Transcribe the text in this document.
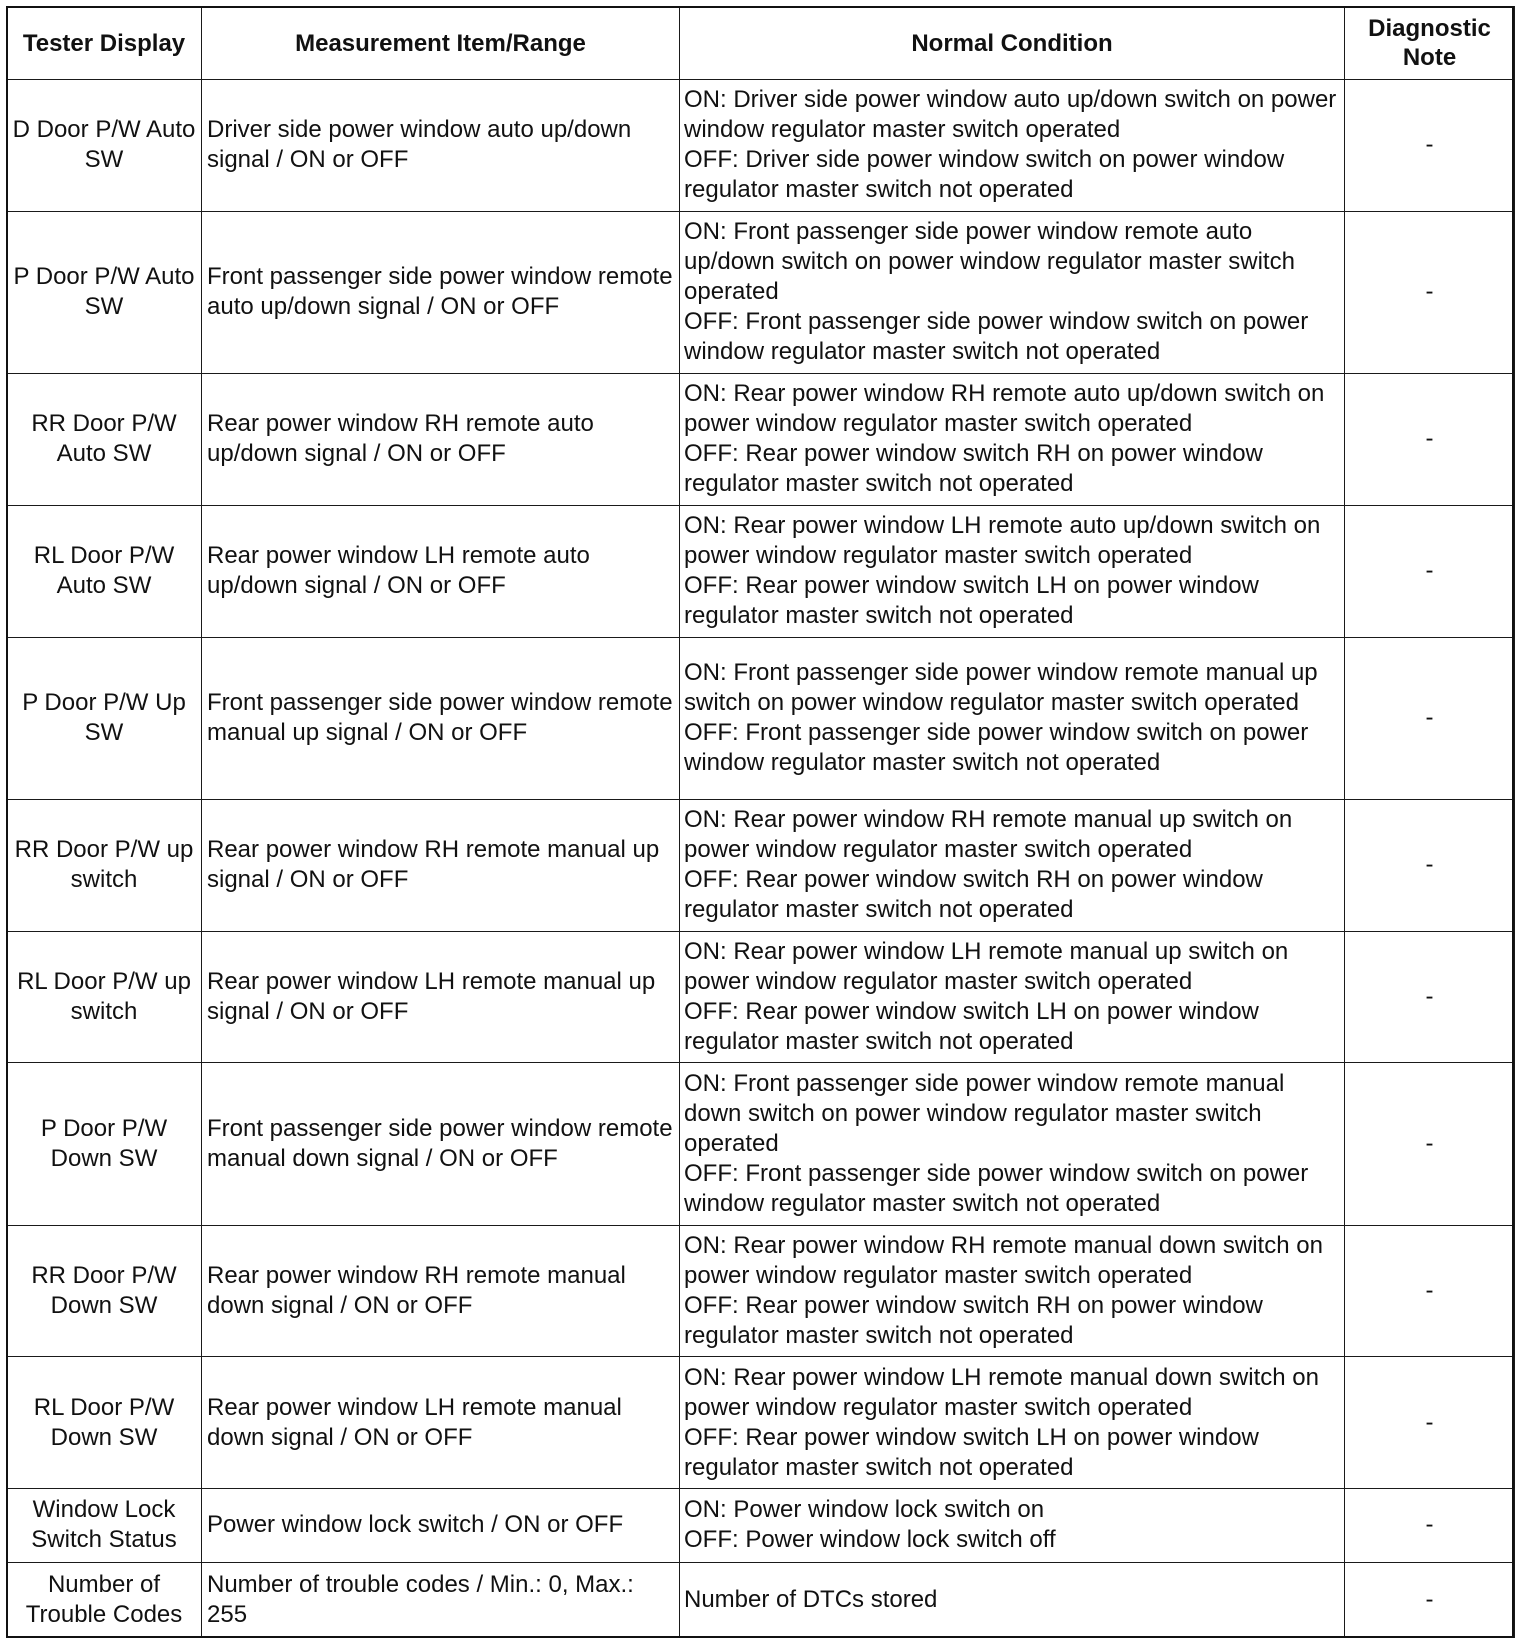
Tester Display	Measurement Item/Range	Normal Condition	Diagnostic Note
D Door P/W Auto SW	Driver side power window auto up/down signal / ON or OFF	ON: Driver side power window auto up/down switch on power window regulator master switch operated
OFF: Driver side power window switch on power window regulator master switch not operated	-
P Door P/W Auto SW	Front passenger side power window remote auto up/down signal / ON or OFF	ON: Front passenger side power window remote auto up/down switch on power window regulator master switch operated
OFF: Front passenger side power window switch on power window regulator master switch not operated	-
RR Door P/W Auto SW	Rear power window RH remote auto up/down signal / ON or OFF	ON: Rear power window RH remote auto up/down switch on power window regulator master switch operated
OFF: Rear power window switch RH on power window regulator master switch not operated	-
RL Door P/W Auto SW	Rear power window LH remote auto up/down signal / ON or OFF	ON: Rear power window LH remote auto up/down switch on power window regulator master switch operated
OFF: Rear power window switch LH on power window regulator master switch not operated	-
P Door P/W Up SW	Front passenger side power window remote manual up signal / ON or OFF	ON: Front passenger side power window remote manual up switch on power window regulator master switch operated
OFF: Front passenger side power window switch on power window regulator master switch not operated	-
RR Door P/W up switch	Rear power window RH remote manual up signal / ON or OFF	ON: Rear power window RH remote manual up switch on power window regulator master switch operated
OFF: Rear power window switch RH on power window regulator master switch not operated	-
RL Door P/W up switch	Rear power window LH remote manual up signal / ON or OFF	ON: Rear power window LH remote manual up switch on power window regulator master switch operated
OFF: Rear power window switch LH on power window regulator master switch not operated	-
P Door P/W Down SW	Front passenger side power window remote manual down signal / ON or OFF	ON: Front passenger side power window remote manual down switch on power window regulator master switch operated
OFF: Front passenger side power window switch on power window regulator master switch not operated	-
RR Door P/W Down SW	Rear power window RH remote manual down signal / ON or OFF	ON: Rear power window RH remote manual down switch on power window regulator master switch operated
OFF: Rear power window switch RH on power window regulator master switch not operated	-
RL Door P/W Down SW	Rear power window LH remote manual down signal / ON or OFF	ON: Rear power window LH remote manual down switch on power window regulator master switch operated
OFF: Rear power window switch LH on power window regulator master switch not operated	-
Window Lock Switch Status	Power window lock switch / ON or OFF	ON: Power window lock switch on
OFF: Power window lock switch off	-
Number of Trouble Codes	Number of trouble codes / Min.: 0, Max.: 255	Number of DTCs stored	-
